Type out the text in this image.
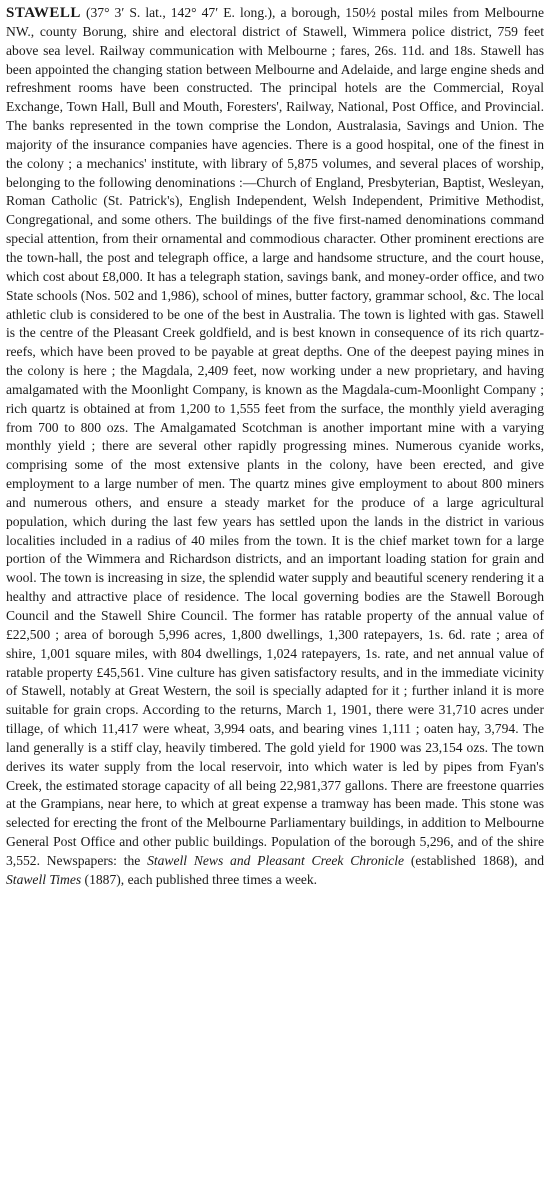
STAWELL (37° 3′ S. lat., 142° 47′ E. long.), a borough, 150½ postal miles from Melbourne NW., county Borung, shire and electoral district of Stawell, Wimmera police district, 759 feet above sea level. Railway communication with Melbourne ; fares, 26s. 11d. and 18s. Stawell has been appointed the changing station between Melbourne and Adelaide, and large engine sheds and refreshment rooms have been constructed. The principal hotels are the Commercial, Royal Exchange, Town Hall, Bull and Mouth, Foresters', Railway, National, Post Office, and Provincial. The banks represented in the town comprise the London, Australasia, Savings and Union. The majority of the insurance companies have agencies. There is a good hospital, one of the finest in the colony ; a mechanics' institute, with library of 5,875 volumes, and several places of worship, belonging to the following denominations :—Church of England, Presbyterian, Baptist, Wesleyan, Roman Catholic (St. Patrick's), English Independent, Welsh Independent, Primitive Methodist, Congregational, and some others. The buildings of the five first-named denominations command special attention, from their ornamental and commodious character. Other prominent erections are the town-hall, the post and telegraph office, a large and handsome structure, and the court house, which cost about £8,000. It has a telegraph station, savings bank, and money-order office, and two State schools (Nos. 502 and 1,986), school of mines, butter factory, grammar school, &c. The local athletic club is considered to be one of the best in Australia. The town is lighted with gas. Stawell is the centre of the Pleasant Creek goldfield, and is best known in consequence of its rich quartz-reefs, which have been proved to be payable at great depths. One of the deepest paying mines in the colony is here ; the Magdala, 2,409 feet, now working under a new proprietary, and having amalgamated with the Moonlight Company, is known as the Magdala-cum-Moonlight Company ; rich quartz is obtained at from 1,200 to 1,555 feet from the surface, the monthly yield averaging from 700 to 800 ozs. The Amalgamated Scotchman is another important mine with a varying monthly yield ; there are several other rapidly progressing mines. Numerous cyanide works, comprising some of the most extensive plants in the colony, have been erected, and give employment to a large number of men. The quartz mines give employment to about 800 miners and numerous others, and ensure a steady market for the produce of a large agricultural population, which during the last few years has settled upon the lands in the district in various localities included in a radius of 40 miles from the town. It is the chief market town for a large portion of the Wimmera and Richardson districts, and an important loading station for grain and wool. The town is increasing in size, the splendid water supply and beautiful scenery rendering it a healthy and attractive place of residence. The local governing bodies are the Stawell Borough Council and the Stawell Shire Council. The former has ratable property of the annual value of £22,500 ; area of borough 5,996 acres, 1,800 dwellings, 1,300 ratepayers, 1s. 6d. rate ; area of shire, 1,001 square miles, with 804 dwellings, 1,024 ratepayers, 1s. rate, and net annual value of ratable property £45,561. Vine culture has given satisfactory results, and in the immediate vicinity of Stawell, notably at Great Western, the soil is specially adapted for it ; further inland it is more suitable for grain crops. According to the returns, March 1, 1901, there were 31,710 acres under tillage, of which 11,417 were wheat, 3,994 oats, and bearing vines 1,111 ; oaten hay, 3,794. The land generally is a stiff clay, heavily timbered. The gold yield for 1900 was 23,154 ozs. The town derives its water supply from the local reservoir, into which water is led by pipes from Fyan's Creek, the estimated storage capacity of all being 22,981,377 gallons. There are freestone quarries at the Grampians, near here, to which at great expense a tramway has been made. This stone was selected for erecting the front of the Melbourne Parliamentary buildings, in addition to Melbourne General Post Office and other public buildings. Population of the borough 5,296, and of the shire 3,552. Newspapers: the Stawell News and Pleasant Creek Chronicle (established 1868), and Stawell Times (1887), each published three times a week.
